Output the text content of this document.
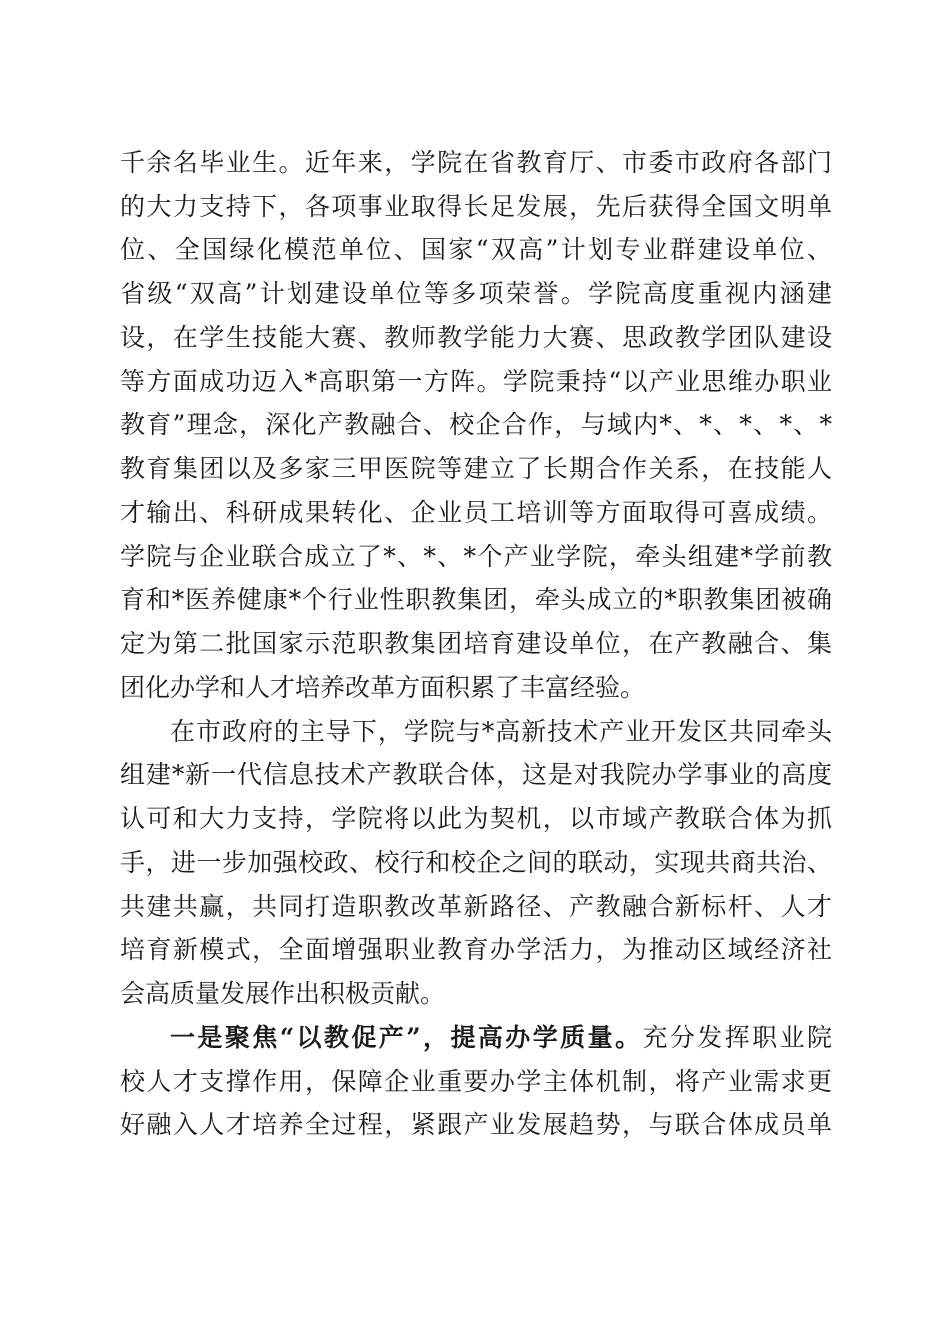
千余名毕业生。近年来，学院在省教育厅、市委市政府各部门
的大力支持下，各项事业取得长足发展，先后获得全国文明单
位、全国绿化模范单位、国家“双高”计划专业群建设单位、
省级“双高”计划建设单位等多项荣誉。学院高度重视内涵建
设，在学生技能大赛、教师教学能力大赛、思政教学团队建设
等方面成功迈入*高职第一方阵。学院秉持“以产业思维办职业
教育”理念，深化产教融合、校企合作，与域内*、*、*、*、*
教育集团以及多家三甲医院等建立了长期合作关系，在技能人
才输出、科研成果转化、企业员工培训等方面取得可喜成绩。
学院与企业联合成立了*、*、*个产业学院，牵头组建*学前教
育和*医养健康*个行业性职教集团，牵头成立的*职教集团被确
定为第二批国家示范职教集团培育建设单位，在产教融合、集
团化办学和人才培养改革方面积累了丰富经验。
在市政府的主导下，学院与*高新技术产业开发区共同牵头
组建*新一代信息技术产教联合体，这是对我院办学事业的高度
认可和大力支持，学院将以此为契机，以市域产教联合体为抓
手，进一步加强校政、校行和校企之间的联动，实现共商共治、
共建共赢，共同打造职教改革新路径、产教融合新标杆、人才
培育新模式，全面增强职业教育办学活力，为推动区域经济社
会高质量发展作出积极贡献。
一是聚焦“以教促产”，提高办学质量。充分发挥职业院
校人才支撑作用，保障企业重要办学主体机制，将产业需求更
好融入人才培养全过程，紧跟产业发展趋势，与联合体成员单
